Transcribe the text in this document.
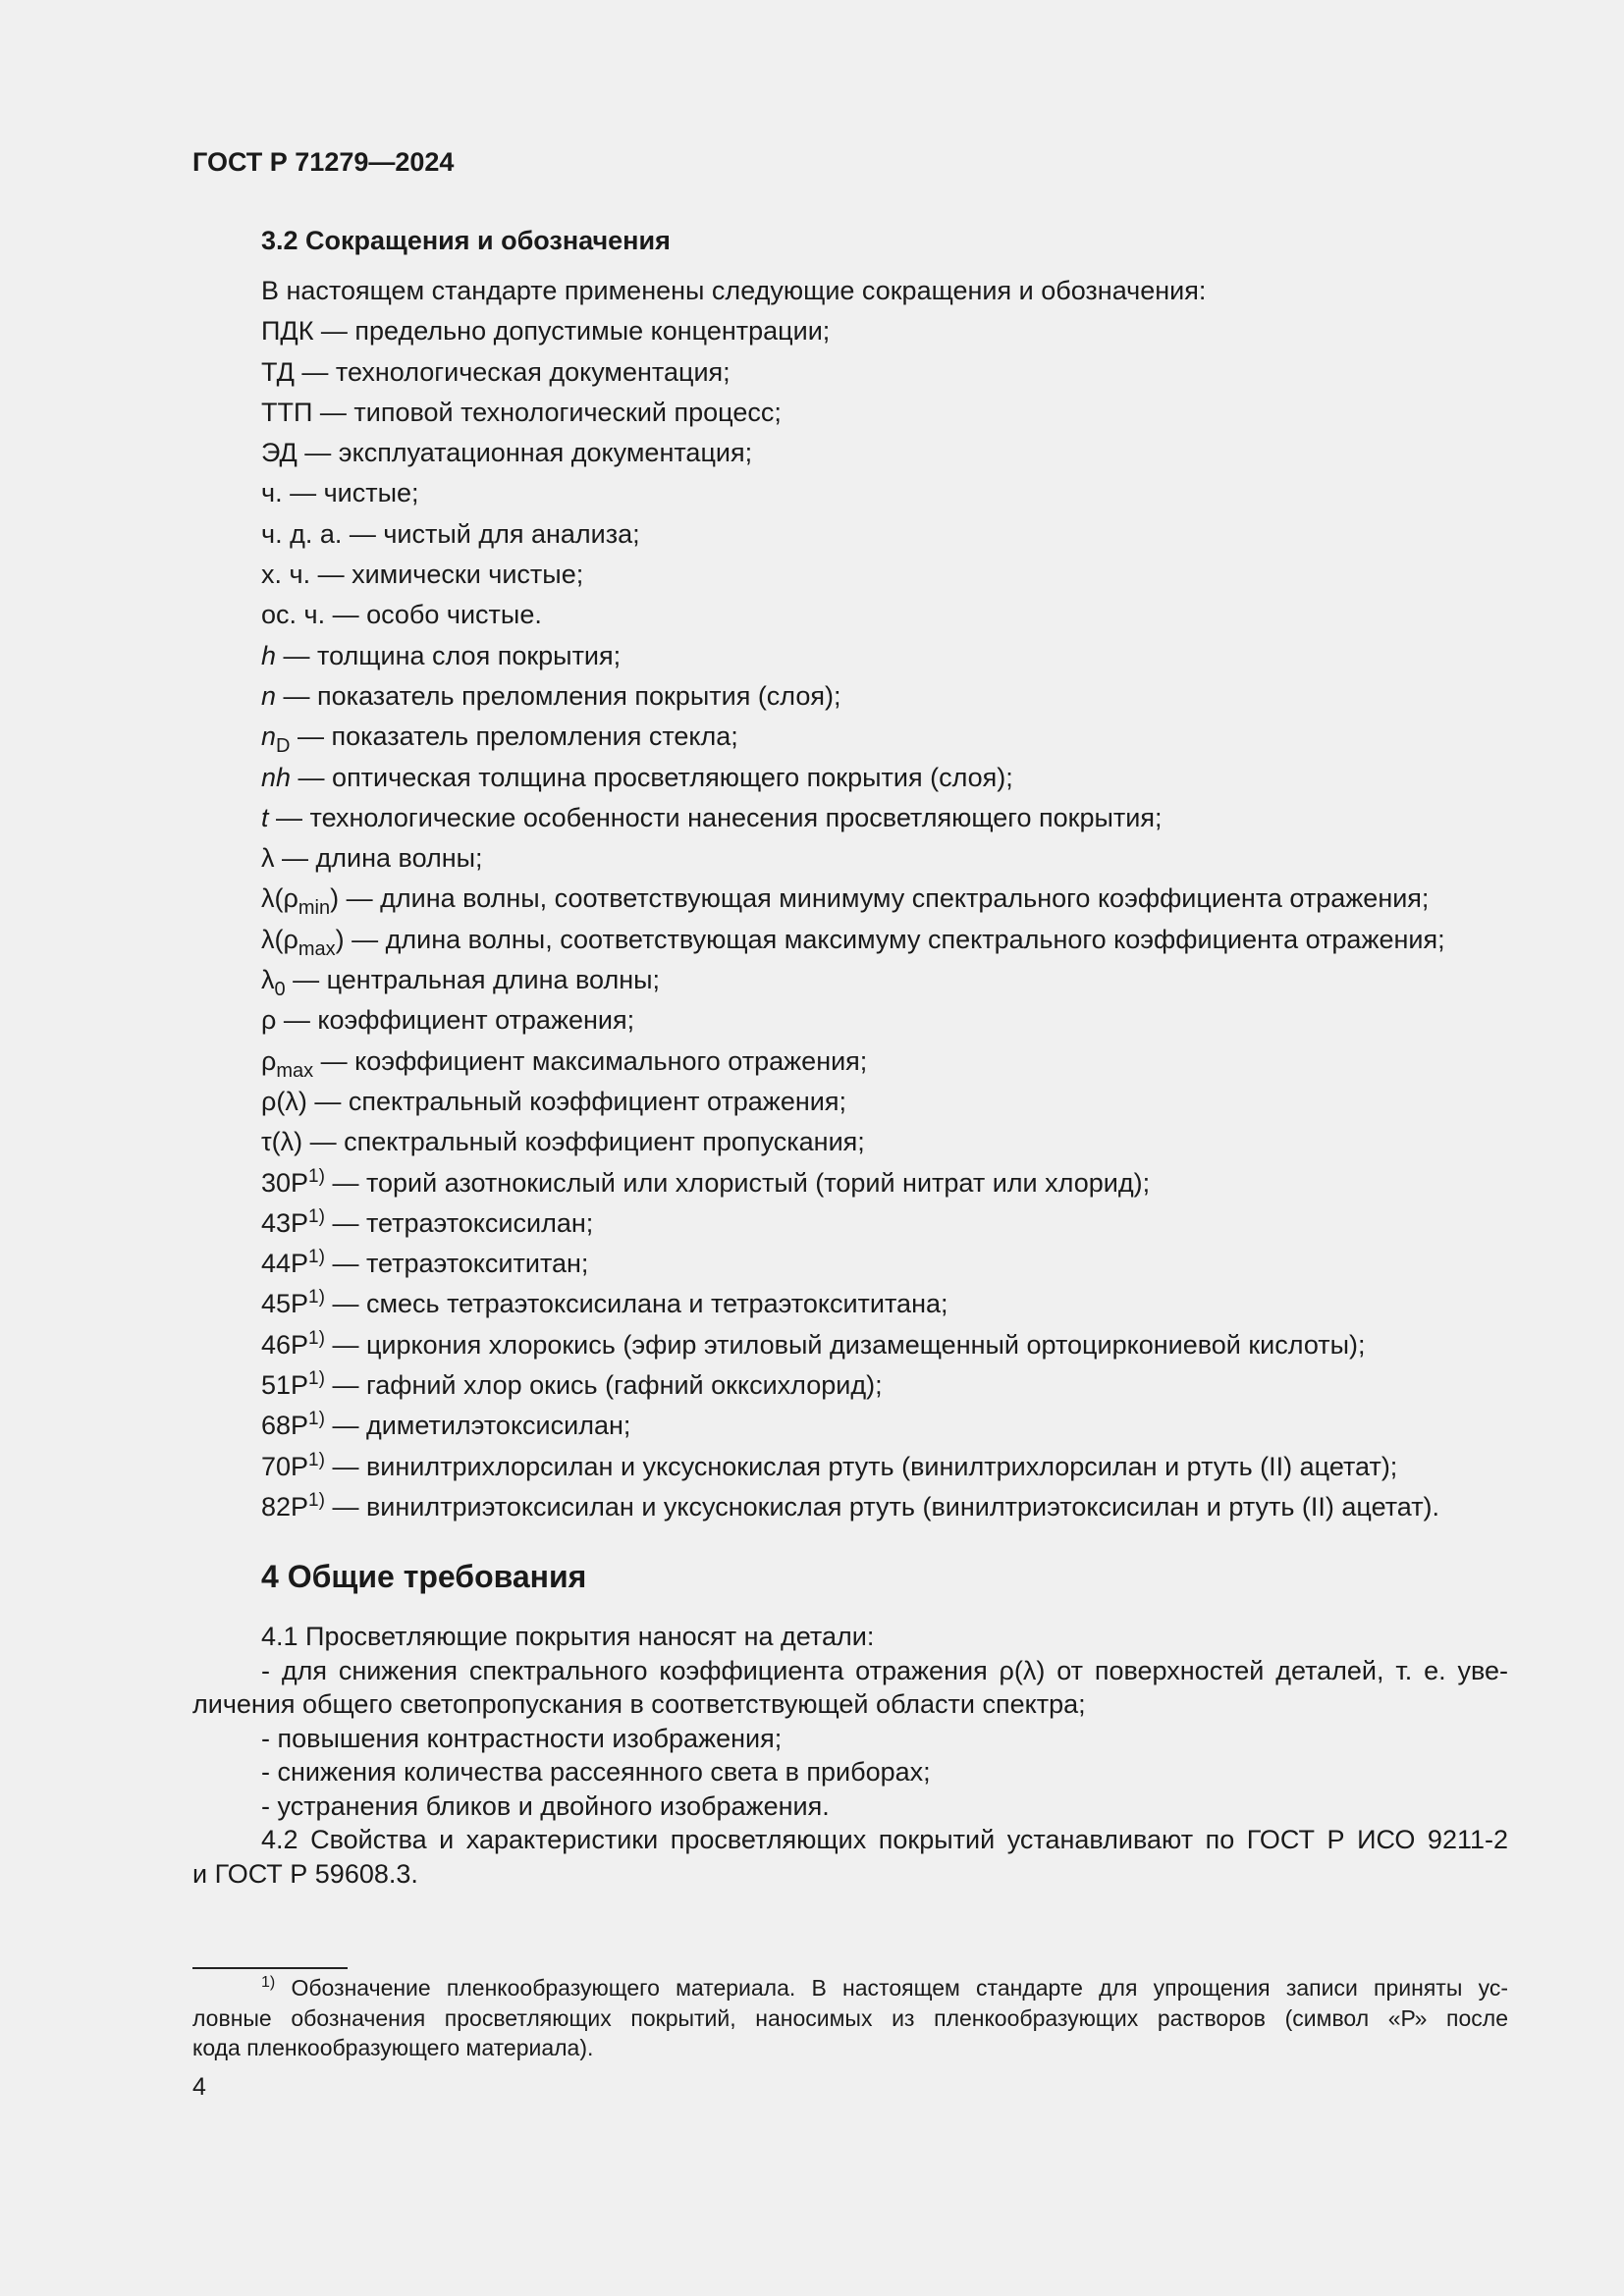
ГОСТ Р 71279—2024
3.2 Сокращения и обозначения
В настоящем стандарте применены следующие сокращения и обозначения:
ПДК — предельно допустимые концентрации;
ТД — технологическая документация;
ТТП — типовой технологический процесс;
ЭД — эксплуатационная документация;
ч. — чистые;
ч. д. а. — чистый для анализа;
х. ч. — химически чистые;
ос. ч. — особо чистые.
h — толщина слоя покрытия;
n — показатель преломления покрытия (слоя);
$n_D$ — показатель преломления стекла;
nh — оптическая толщина просветляющего покрытия (слоя);
t — технологические особенности нанесения просветляющего покрытия;
λ — длина волны;
$\lambda(\rho_{min})$ — длина волны, соответствующая минимуму спектрального коэффициента отражения;
$\lambda(\rho_{max})$ — длина волны, соответствующая максимуму спектрального коэффициента отражения;
$\lambda_0$ — центральная длина волны;
ρ — коэффициент отражения;
$\rho_{max}$ — коэффициент максимального отражения;
ρ(λ) — спектральный коэффициент отражения;
τ(λ) — спектральный коэффициент пропускания;
$30Р^{1)}$ — торий азотнокислый или хлористый (торий нитрат или хлорид);
$43Р^{1)}$ — тетраэтоксисилан;
$44Р^{1)}$ — тетраэтоксититан;
$45Р^{1)}$ — смесь тетраэтоксисилана и тетраэтоксититана;
$46Р^{1)}$ — циркония хлорокись (эфир этиловый дизамещенный ортоциркониевой кислоты);
$51Р^{1)}$ — гафний хлор окись (гафний окксихлорид);
$68Р^{1)}$ — диметилэтоксисилан;
$70Р^{1)}$ — винилтрихлорсилан и уксуснокислая ртуть (винилтрихлорсилан и ртуть (II) ацетат);
$82Р^{1)}$ — винилтриэтоксисилан и уксуснокислая ртуть (винилтриэтоксисилан и ртуть (II) ацетат).
4 Общие требования

4.1 Просветляющие покрытия наносят на детали:

- для снижения спектрального коэффициента отражения ρ(λ) от поверхностей деталей, т. е. уве-

личения общего светопропускания в соответствующей области спектра;

- повышения контрастности изображения;

- снижения количества рассеянного света в приборах;

- устранения бликов и двойного изображения.

4.2 Свойства и характеристики просветляющих покрытий устанавливают по ГОСТ Р ИСО 9211-2

и ГОСТ Р 59608.3.

$^{1)}$ Обозначение пленкообразующего материала. В настоящем стандарте для упрощения записи приняты ус-

ловные обозначения просветляющих покрытий, наносимых из пленкообразующих растворов (символ «Р» после

кода пленкообразующего материала).

4
